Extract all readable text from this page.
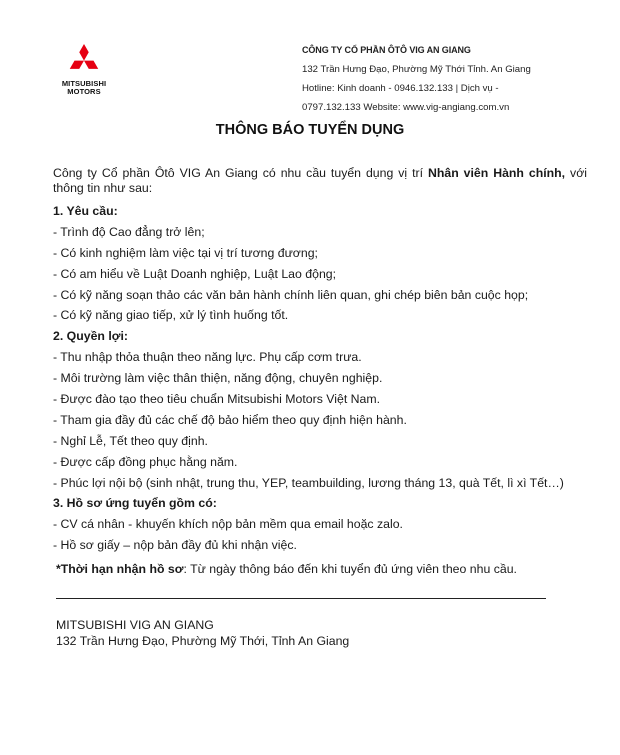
MITSUBISHI
MOTORS
CÔNG TY CỔ PHẦN ÔTÔ VIG AN GIANG
132 Trần Hưng Đạo, Phường Mỹ Thới Tỉnh. An Giang
Hotline: Kinh doanh - 0946.132.133 | Dịch vụ -
0797.132.133 Website: www.vig-angiang.com.vn
THÔNG BÁO TUYỂN DỤNG
Công ty Cổ phần Ôtô VIG An Giang có nhu cầu tuyển dụng vị trí Nhân viên Hành chính, với thông tin như sau:
1. Yêu cầu:
- Trình độ Cao đẳng trở lên;
- Có kinh nghiệm làm việc tại vị trí tương đương;
- Có am hiểu về Luật Doanh nghiệp, Luật Lao động;
- Có kỹ năng soạn thảo các văn bản hành chính liên quan, ghi chép biên bản cuộc họp;
- Có kỹ năng giao tiếp, xử lý tình huống tốt.
2. Quyền lợi:
- Thu nhập thỏa thuận theo năng lực. Phụ cấp cơm trưa.
- Môi trường làm việc thân thiện, năng động, chuyên nghiệp.
- Được đào tạo theo tiêu chuẩn Mitsubishi Motors Việt Nam.
- Tham gia đầy đủ các chế độ bảo hiểm theo quy định hiện hành.
- Nghỉ Lễ, Tết theo quy định.
- Được cấp đồng phục hằng năm.
- Phúc lợi nội bộ (sinh nhật, trung thu, YEP, teambuilding, lương tháng 13, quà Tết, lì xì Tết…)
3. Hồ sơ ứng tuyển gồm có:
- CV cá nhân - khuyến khích nộp bản mềm qua email hoặc zalo.
- Hồ sơ giấy – nộp bản đầy đủ khi nhận việc.
*Thời hạn nhận hồ sơ: Từ ngày thông báo đến khi tuyển đủ ứng viên theo nhu cầu.
MITSUBISHI VIG AN GIANG
132 Trần Hưng Đạo, Phường Mỹ Thới, Tỉnh An Giang
